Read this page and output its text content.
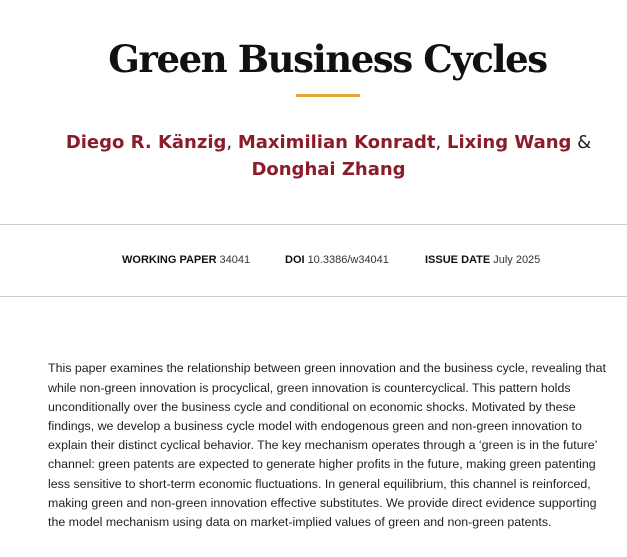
Green Business Cycles
Diego R. Känzig, Maximilian Konradt, Lixing Wang &
Donghai Zhang
WORKING PAPER 34041	DOI 10.3386/w34041	ISSUE DATE July 2025

This paper examines the relationship between green innovation and the business cycle, revealing that while non-green innovation is procyclical, green innovation is countercyclical. This pattern holds unconditionally over the business cycle and conditional on economic shocks. Motivated by these findings, we develop a business cycle model with endogenous green and non-green innovation to explain their distinct cyclical behavior. The key mechanism operates through a ‘green is in the future’ channel: green patents are expected to generate higher profits in the future, making green patenting less sensitive to short-term economic fluctuations. In general equilibrium, this channel is reinforced, making green and non-green innovation effective substitutes. We provide direct evidence supporting the model mechanism using data on market-implied values of green and non-green patents.
